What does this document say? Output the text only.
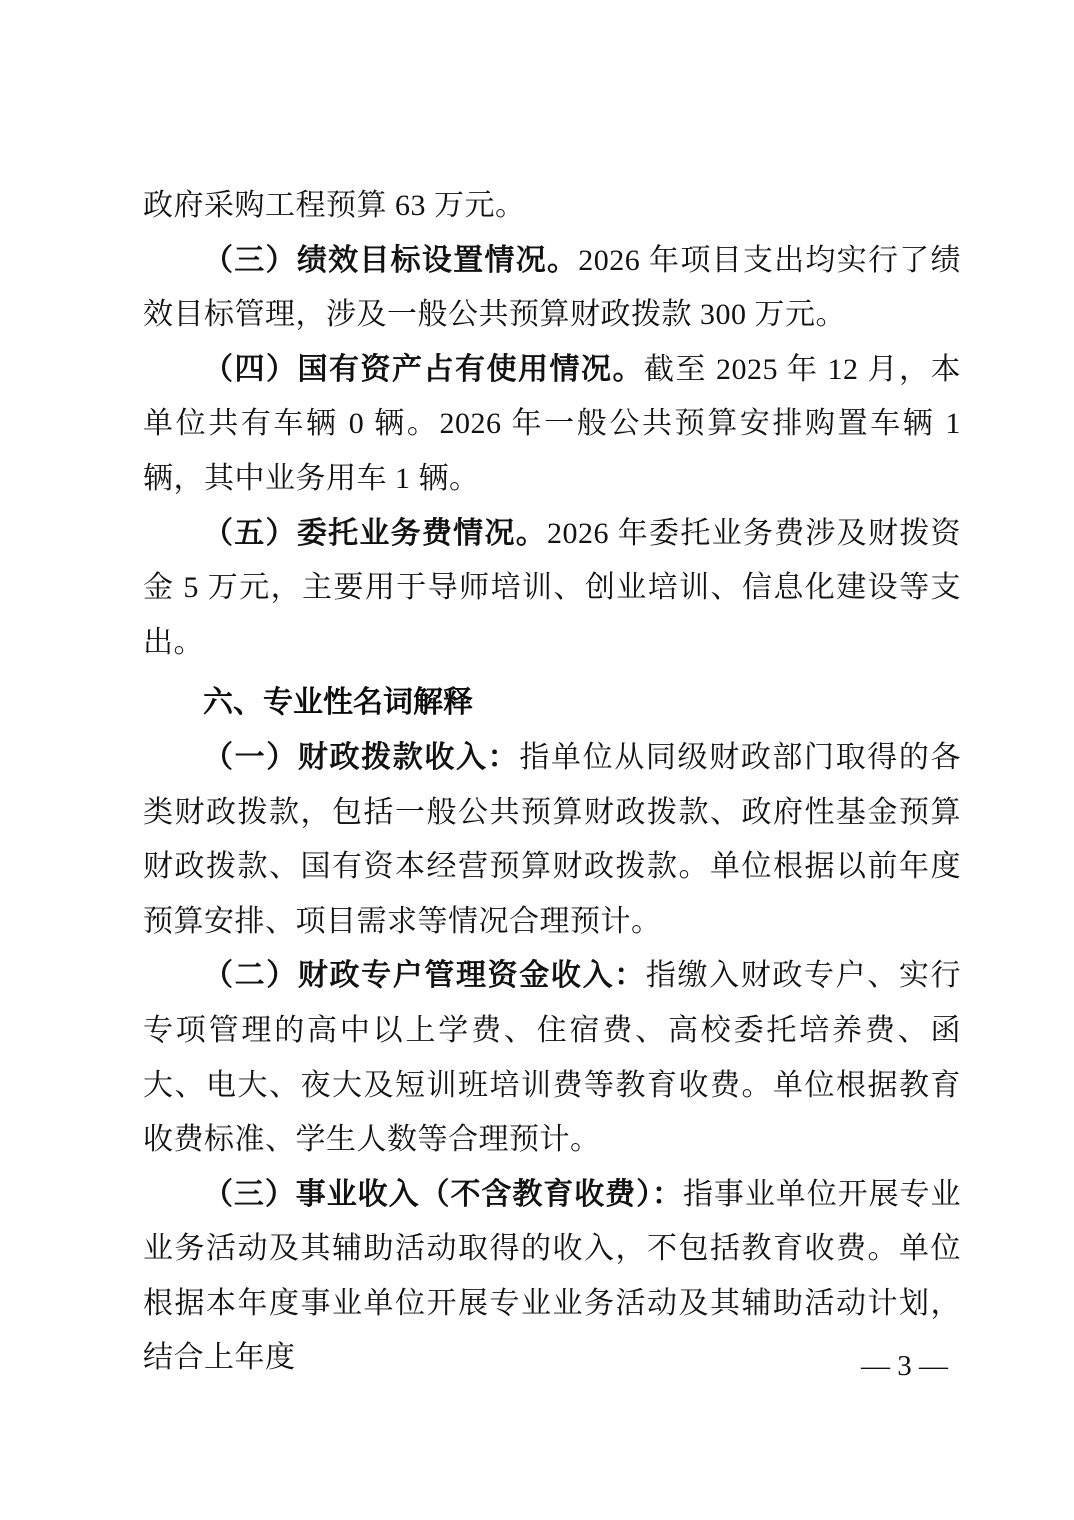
政府采购工程预算 63 万元。

（三）绩效目标设置情况。2026 年项目支出均实行了绩效目标管理，涉及一般公共预算财政拨款 300 万元。

（四）国有资产占有使用情况。截至 2025 年 12 月，本单位共有车辆 0 辆。2026 年一般公共预算安排购置车辆 1 辆，其中业务用车 1 辆。

（五）委托业务费情况。2026 年委托业务费涉及财拨资金 5 万元，主要用于导师培训、创业培训、信息化建设等支出。

六、专业性名词解释

（一）财政拨款收入：指单位从同级财政部门取得的各类财政拨款，包括一般公共预算财政拨款、政府性基金预算财政拨款、国有资本经营预算财政拨款。单位根据以前年度预算安排、项目需求等情况合理预计。

（二）财政专户管理资金收入：指缴入财政专户、实行专项管理的高中以上学费、住宿费、高校委托培养费、函大、电大、夜大及短训班培训费等教育收费。单位根据教育收费标准、学生人数等合理预计。

（三）事业收入（不含教育收费）：指事业单位开展专业业务活动及其辅助活动取得的收入，不包括教育收费。单位根据本年度事业单位开展专业业务活动及其辅助活动计划，结合上年度	— 3 —
